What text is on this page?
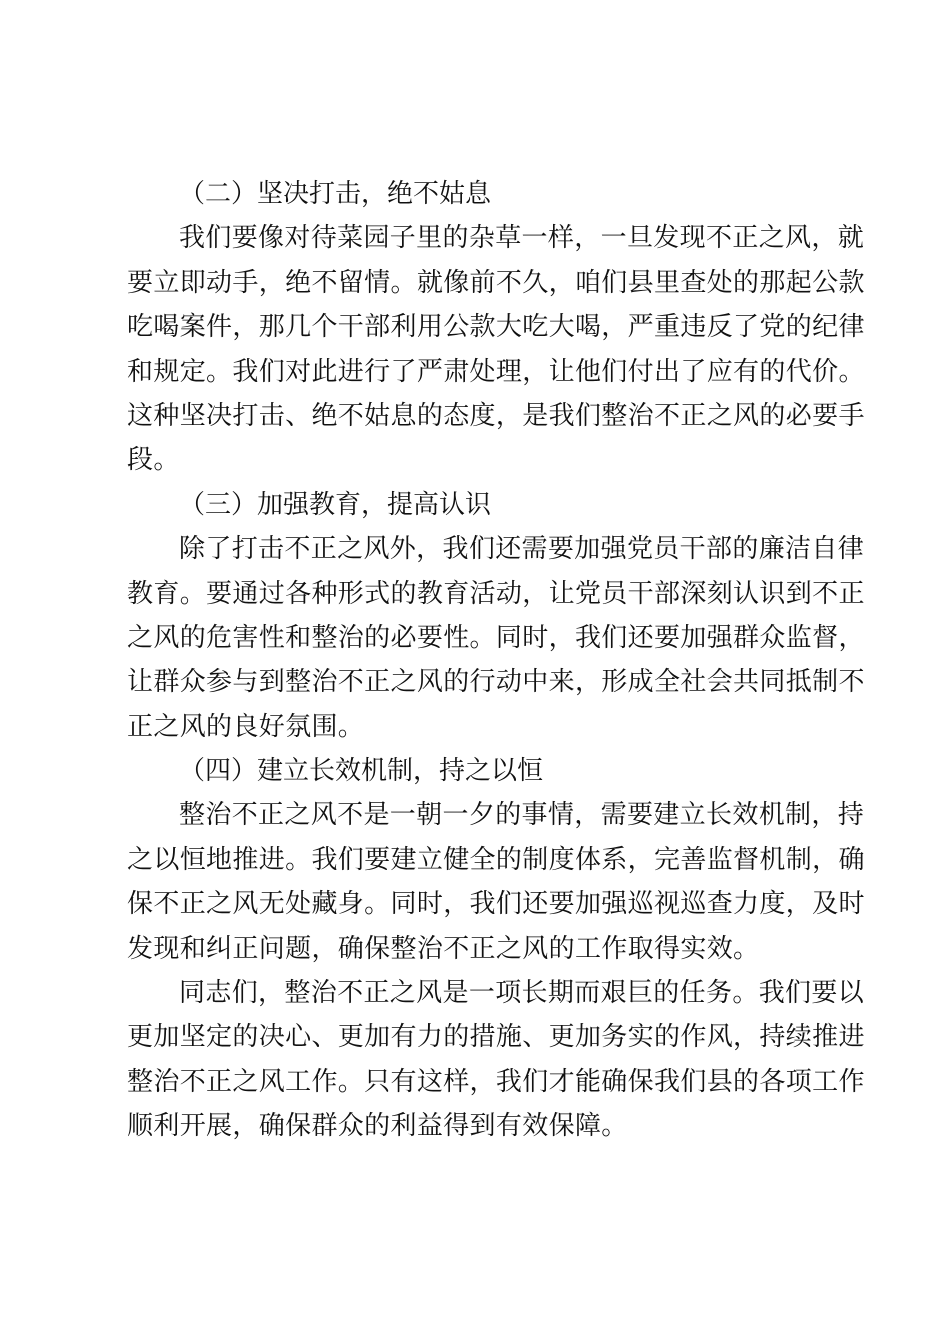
（二）坚决打击，绝不姑息

我们要像对待菜园子里的杂草一样，一旦发现不正之风，就

要立即动手，绝不留情。就像前不久，咱们县里查处的那起公款

吃喝案件，那几个干部利用公款大吃大喝，严重违反了党的纪律

和规定。我们对此进行了严肃处理，让他们付出了应有的代价。

这种坚决打击、绝不姑息的态度，是我们整治不正之风的必要手

段。

（三）加强教育，提高认识

除了打击不正之风外，我们还需要加强党员干部的廉洁自律

教育。要通过各种形式的教育活动，让党员干部深刻认识到不正

之风的危害性和整治的必要性。同时，我们还要加强群众监督，

让群众参与到整治不正之风的行动中来，形成全社会共同抵制不

正之风的良好氛围。

（四）建立长效机制，持之以恒

整治不正之风不是一朝一夕的事情，需要建立长效机制，持

之以恒地推进。我们要建立健全的制度体系，完善监督机制，确

保不正之风无处藏身。同时，我们还要加强巡视巡查力度，及时

发现和纠正问题，确保整治不正之风的工作取得实效。

同志们，整治不正之风是一项长期而艰巨的任务。我们要以

更加坚定的决心、更加有力的措施、更加务实的作风，持续推进

整治不正之风工作。只有这样，我们才能确保我们县的各项工作

顺利开展，确保群众的利益得到有效保障。
